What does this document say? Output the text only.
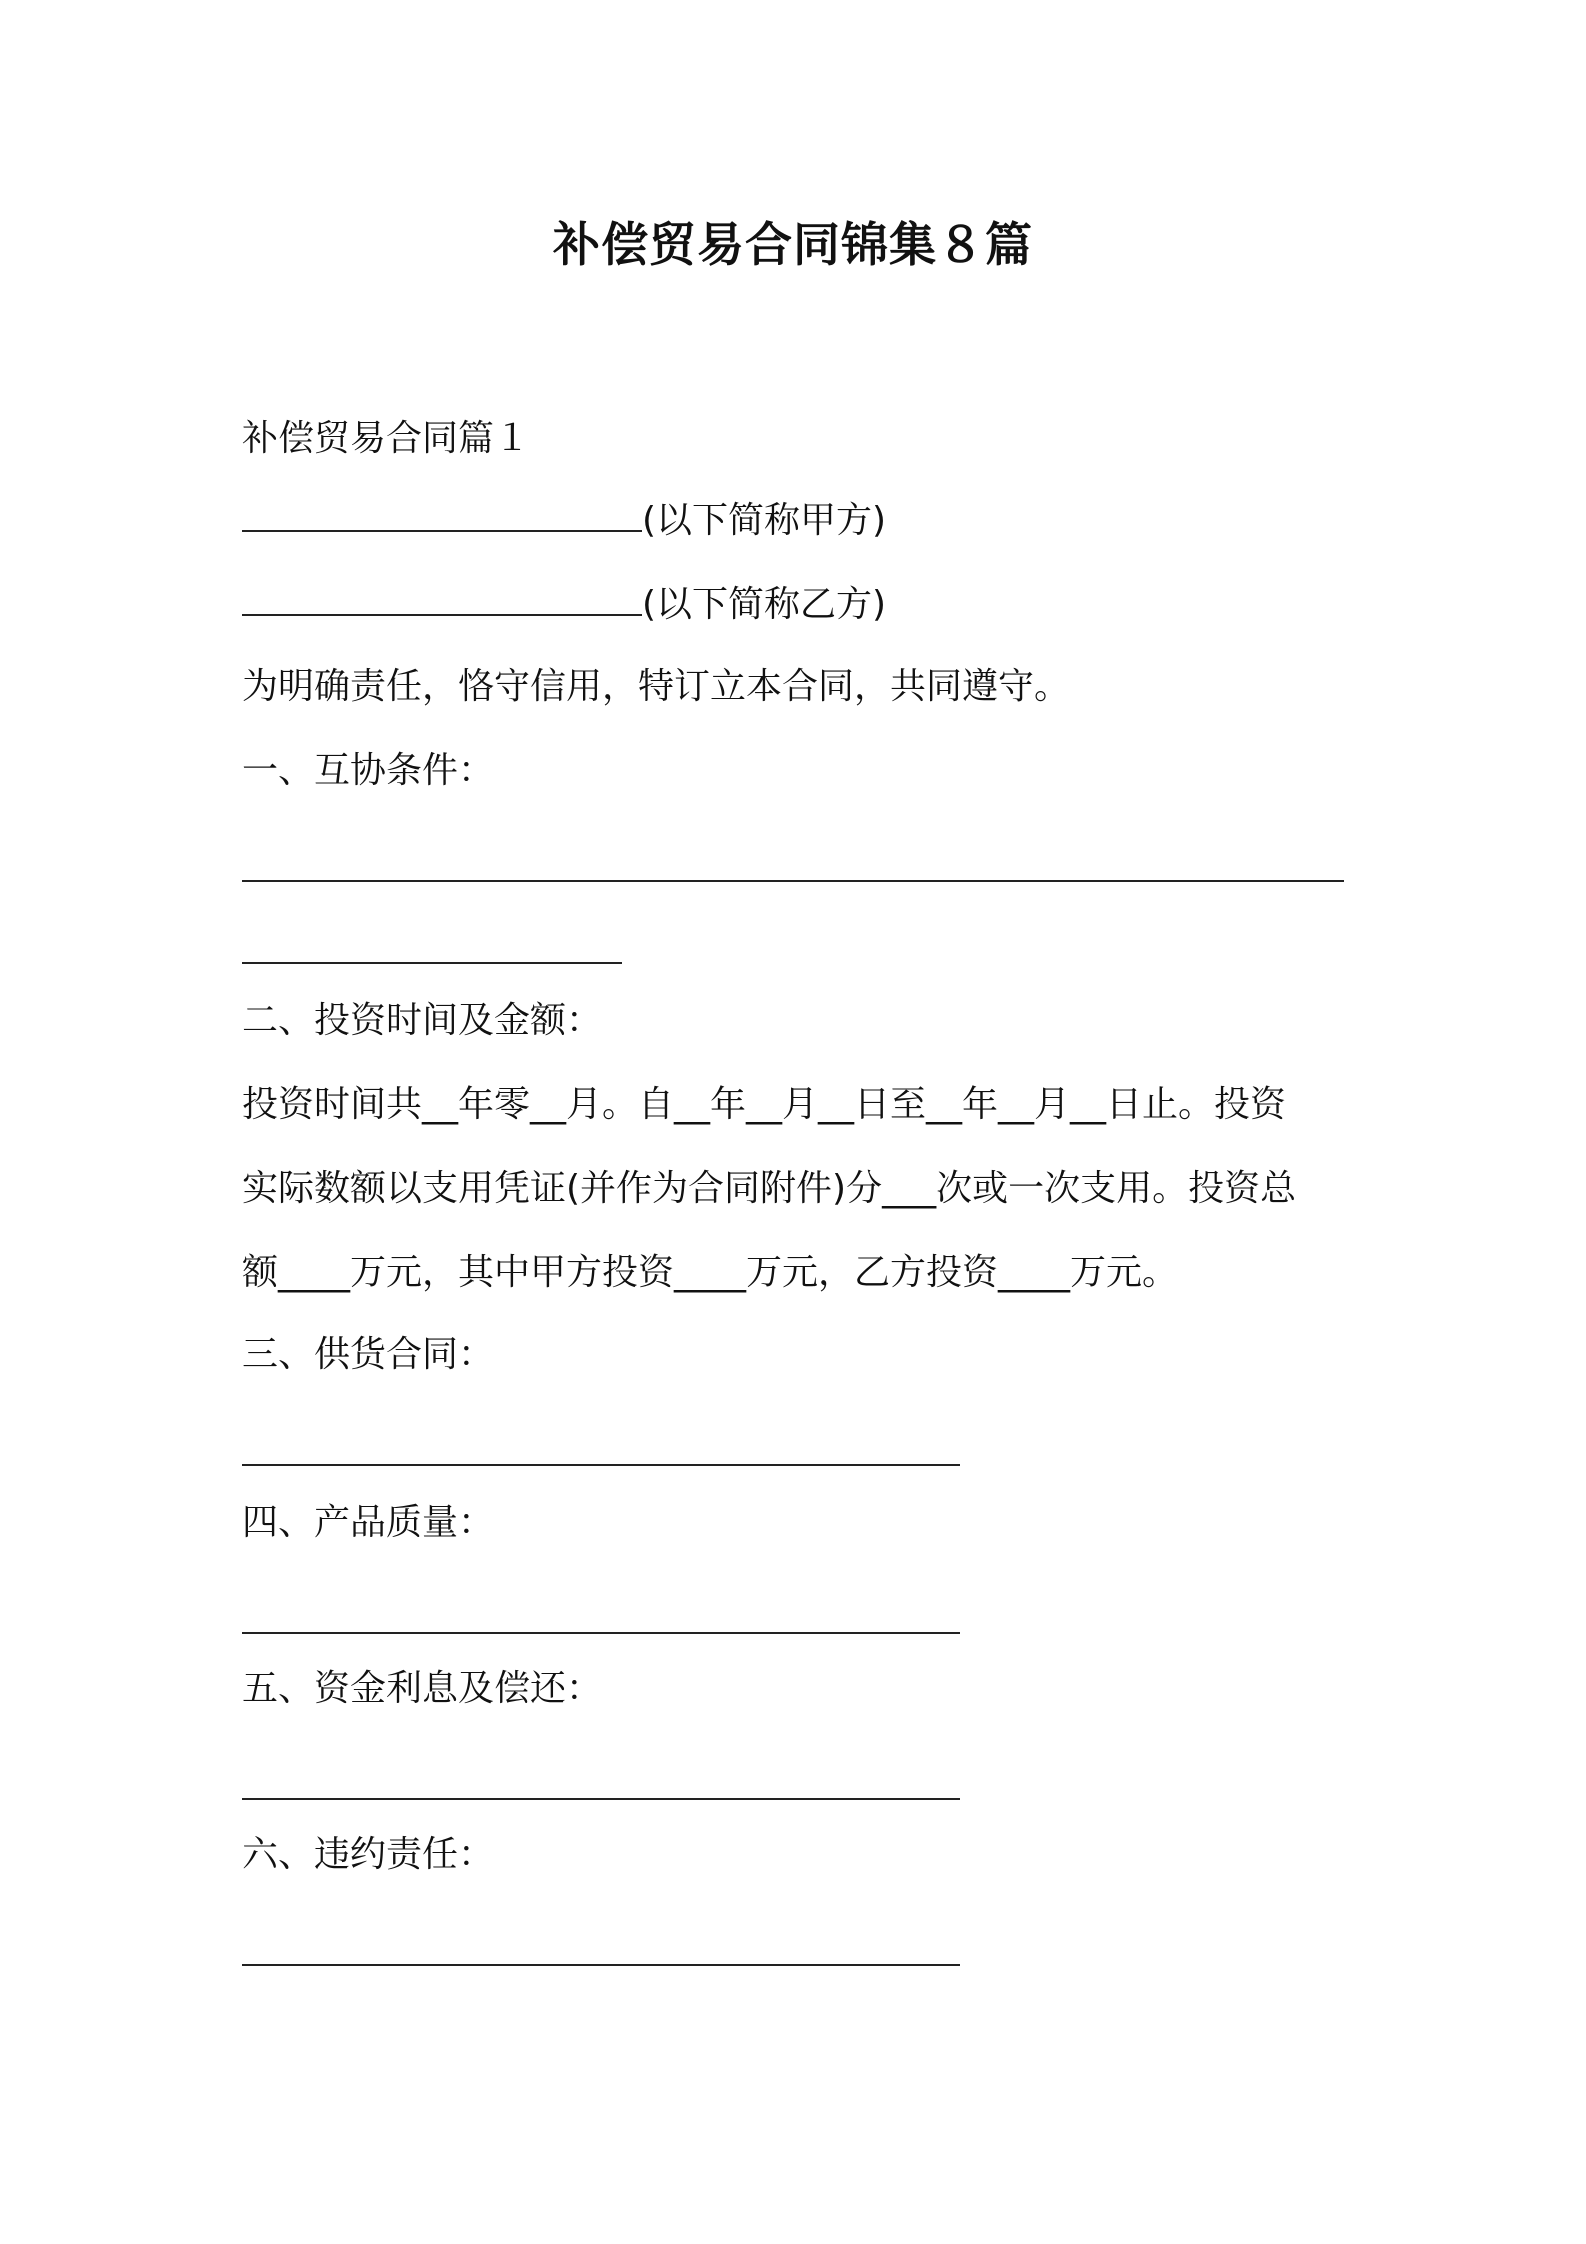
补偿贸易合同锦集８篇
补偿贸易合同篇１
(以下简称甲方)
(以下简称乙方)
为明确责任，恪守信用，特订立本合同，共同遵守。
一、互协条件：
二、投资时间及金额：
投资时间共__年零__月。自__年__月__日至__年__月__日止。投资
实际数额以支用凭证(并作为合同附件)分___次或一次支用。投资总
额____万元，其中甲方投资____万元，乙方投资____万元。
三、供货合同：
四、产品质量：
五、资金利息及偿还：
六、违约责任：
